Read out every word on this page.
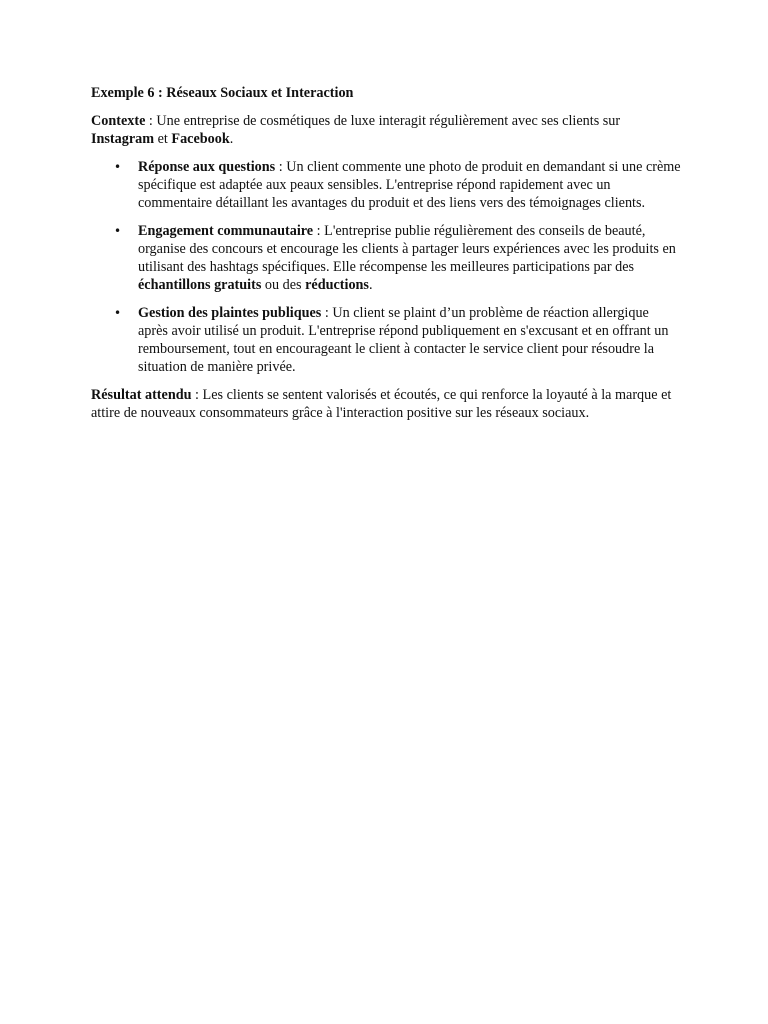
Exemple 6 : Réseaux Sociaux et Interaction

Contexte : Une entreprise de cosmétiques de luxe interagit régulièrement avec ses clients sur Instagram et Facebook.

• Réponse aux questions : Un client commente une photo de produit en demandant si une crème spécifique est adaptée aux peaux sensibles. L'entreprise répond rapidement avec un commentaire détaillant les avantages du produit et des liens vers des témoignages clients.
• Engagement communautaire : L'entreprise publie régulièrement des conseils de beauté, organise des concours et encourage les clients à partager leurs expériences avec les produits en utilisant des hashtags spécifiques. Elle récompense les meilleures participations par des échantillons gratuits ou des réductions.
• Gestion des plaintes publiques : Un client se plaint d’un problème de réaction allergique après avoir utilisé un produit. L'entreprise répond publiquement en s'excusant et en offrant un remboursement, tout en encourageant le client à contacter le service client pour résoudre la situation de manière privée.

Résultat attendu : Les clients se sentent valorisés et écoutés, ce qui renforce la loyauté à la marque et attire de nouveaux consommateurs grâce à l'interaction positive sur les réseaux sociaux.
